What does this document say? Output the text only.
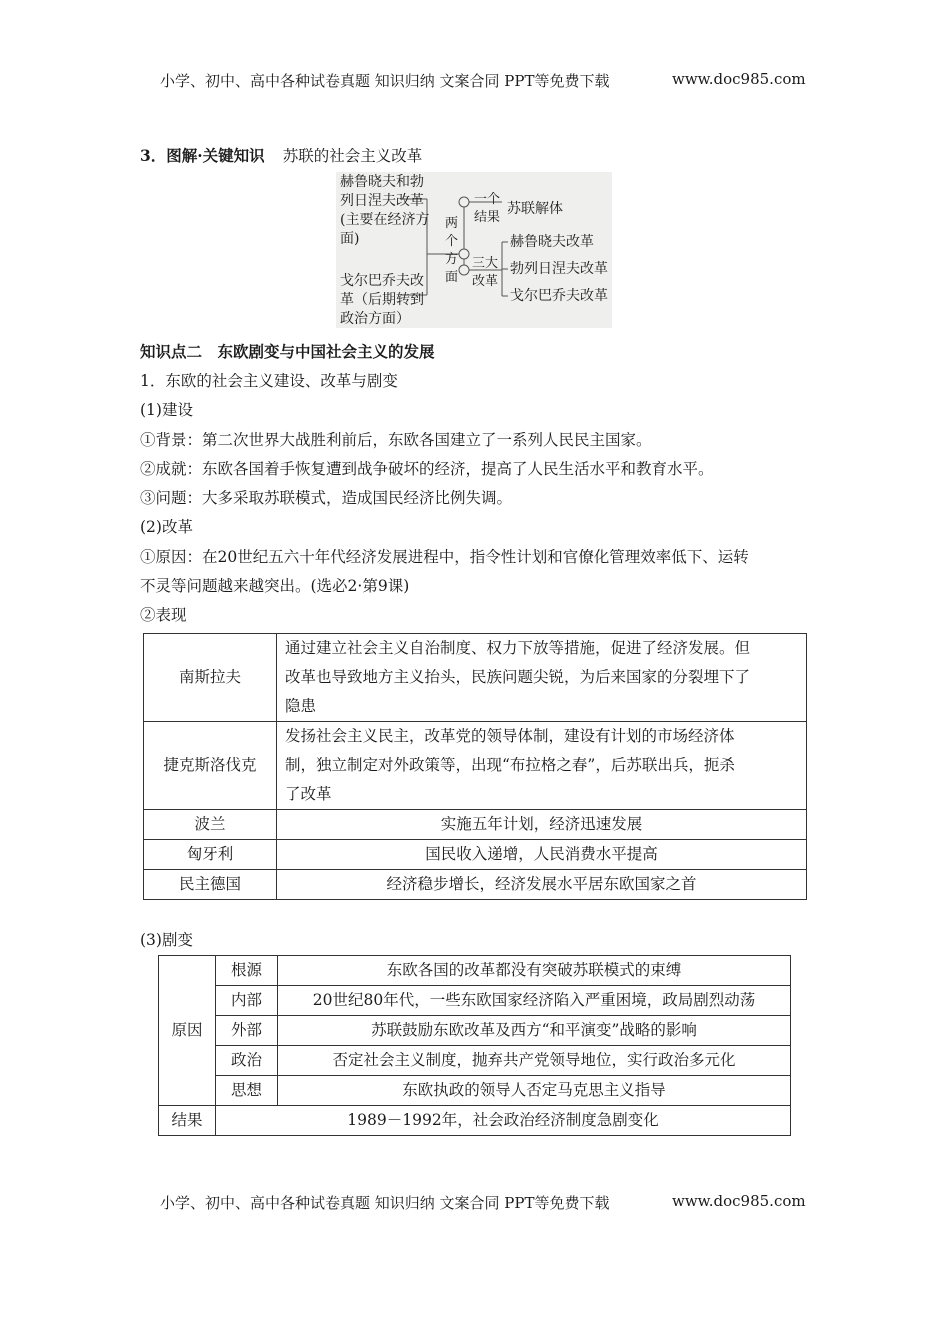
小学、初中、高中各种试卷真题 知识归纳 文案合同 PPT等免费下载	www.doc985.com
3．图解·关键知识 苏联的社会主义改革
赫鲁晓夫和勃
列日涅夫改革
(主要在经济方
面)
戈尔巴乔夫改
革（后期转到
政治方面）
两
个
方
面
一个
结果
苏联解体
三大
改革
赫鲁晓夫改革
勃列日涅夫改革
戈尔巴乔夫改革
知识点二　东欧剧变与中国社会主义的发展
1．东欧的社会主义建设、改革与剧变
(1)建设
①背景：第二次世界大战胜利前后，东欧各国建立了一系列人民民主国家。
②成就：东欧各国着手恢复遭到战争破坏的经济，提高了人民生活水平和教育水平。
③问题：大多采取苏联模式，造成国民经济比例失调。
(2)改革
①原因：在20世纪五六十年代经济发展进程中，指令性计划和官僚化管理效率低下、运转
不灵等问题越来越突出。(选必2·第9课)
②表现
南斯拉夫	通过建立社会主义自治制度、权力下放等措施，促进了经济发展。但
改革也导致地方主义抬头，民族问题尖锐，为后来国家的分裂埋下了
隐患

捷克斯洛伐克	发扬社会主义民主，改革党的领导体制，建设有计划的市场经济体
制，独立制定对外政策等，出现“布拉格之春”，后苏联出兵，扼杀
了改革

波兰	实施五年计划，经济迅速发展
匈牙利	国民收入递增，人民消费水平提高
民主德国	经济稳步增长，经济发展水平居东欧国家之首
(3)剧变
原因	根源	东欧各国的改革都没有突破苏联模式的束缚
	内部	20世纪80年代，一些东欧国家经济陷入严重困境，政局剧烈动荡
	外部	苏联鼓励东欧改革及西方“和平演变”战略的影响
	政治	否定社会主义制度，抛弃共产党领导地位，实行政治多元化
	思想	东欧执政的领导人否定马克思主义指导
结果	1989－1992年，社会政治经济制度急剧变化	
小学、初中、高中各种试卷真题 知识归纳 文案合同 PPT等免费下载	www.doc985.com
